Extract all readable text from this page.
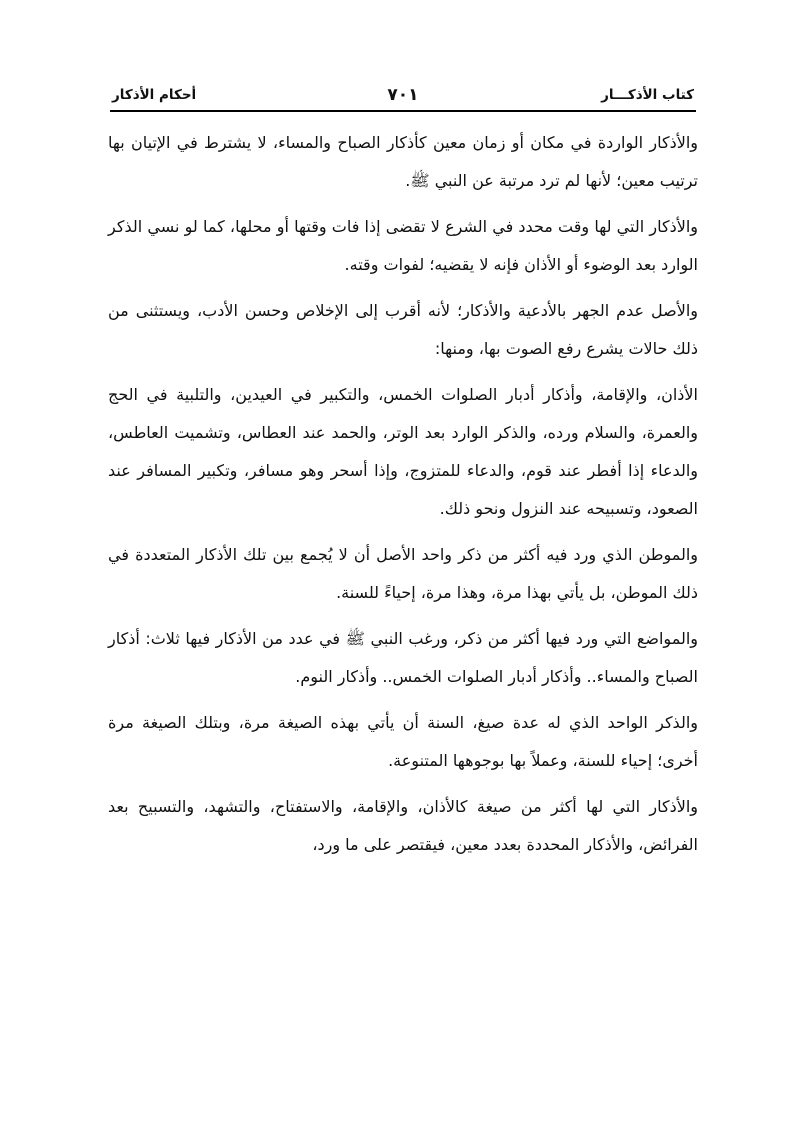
كتاب الأذكـــار
٧٠١
أحكام الأذكار

والأذكار الواردة في مكان أو زمان معين كأذكار الصباح والمساء، لا يشترط في الإتيان بها ترتيب معين؛ لأنها لم ترد مرتبة عن النبي ﷺ.

والأذكار التي لها وقت محدد في الشرع لا تقضى إذا فات وقتها أو محلها، كما لو نسي الذكر الوارد بعد الوضوء أو الأذان فإنه لا يقضيه؛ لفوات وقته.

والأصل عدم الجهر بالأدعية والأذكار؛ لأنه أقرب إلى الإخلاص وحسن الأدب، ويستثنى من ذلك حالات يشرع رفع الصوت بها، ومنها:

الأذان، والإقامة، وأذكار أدبار الصلوات الخمس، والتكبير في العيدين، والتلبية في الحج والعمرة، والسلام ورده، والذكر الوارد بعد الوتر، والحمد عند العطاس، وتشميت العاطس، والدعاء إذا أفطر عند قوم، والدعاء للمتزوج، وإذا أسحر وهو مسافر، وتكبير المسافر عند الصعود، وتسبيحه عند النزول ونحو ذلك.

والموطن الذي ورد فيه أكثر من ذكر واحد الأصل أن لا يُجمع بين تلك الأذكار المتعددة في ذلك الموطن، بل يأتي بهذا مرة، وهذا مرة، إحياءً للسنة.

والمواضع التي ورد فيها أكثر من ذكر، ورغب النبي ﷺ في عدد من الأذكار فيها ثلاث: أذكار الصباح والمساء.. وأذكار أدبار الصلوات الخمس.. وأذكار النوم.

والذكر الواحد الذي له عدة صيغ، السنة أن يأتي بهذه الصيغة مرة، وبتلك الصيغة مرة أخرى؛ إحياء للسنة، وعملاً بها بوجوهها المتنوعة.

والأذكار التي لها أكثر من صيغة كالأذان، والإقامة، والاستفتاح، والتشهد، والتسبيح بعد الفرائض، والأذكار المحددة بعدد معين، فيقتصر على ما ورد،
